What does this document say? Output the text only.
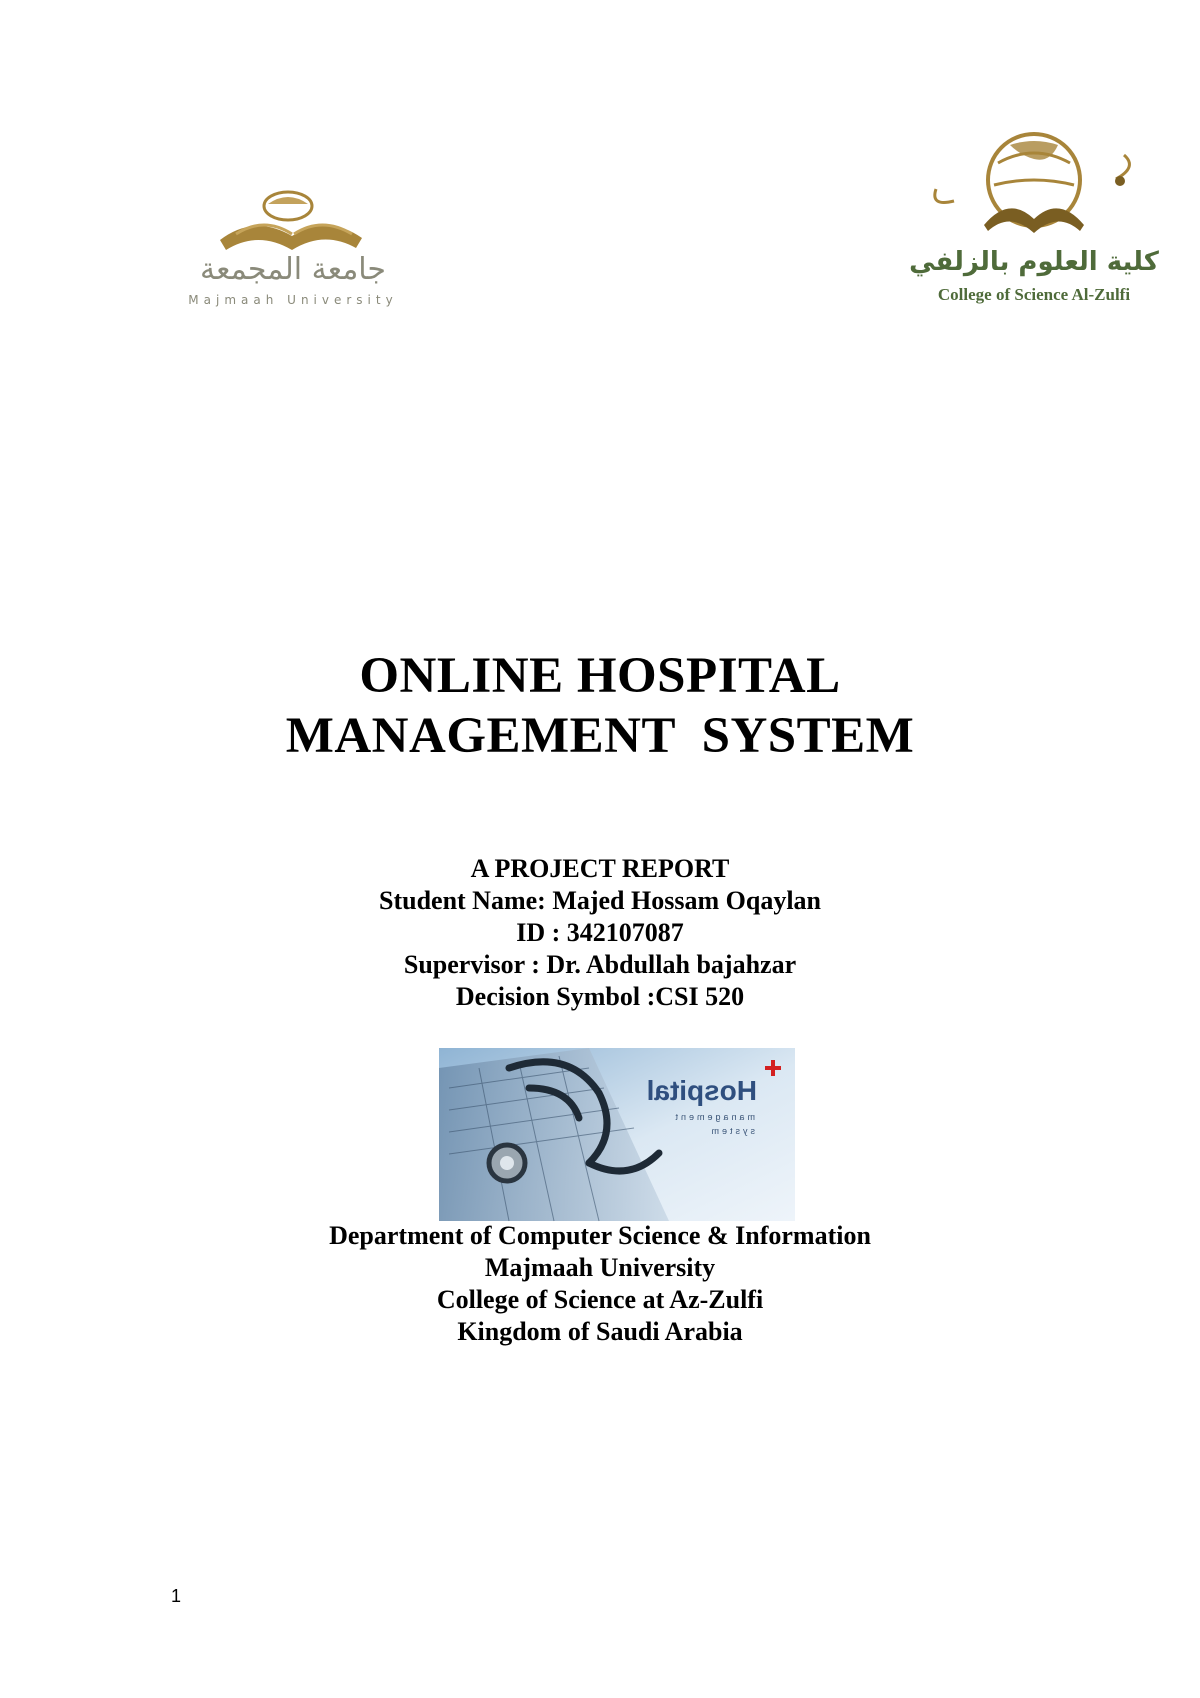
جامعة المجمعة
Majmaah University
كلية العلوم بالزلفي
College of Science Al-Zulfi
ONLINE HOSPITAL
MANAGEMENT  SYSTEM
A PROJECT REPORT
Student Name: Majed Hossam Oqaylan
ID : 342107087
Supervisor : Dr. Abdullah bajahzar
Decision Symbol :CSI 520
Hospital
management
system
Department of Computer Science & Information
Majmaah University
College of Science at Az-Zulfi
Kingdom of Saudi Arabia
1
